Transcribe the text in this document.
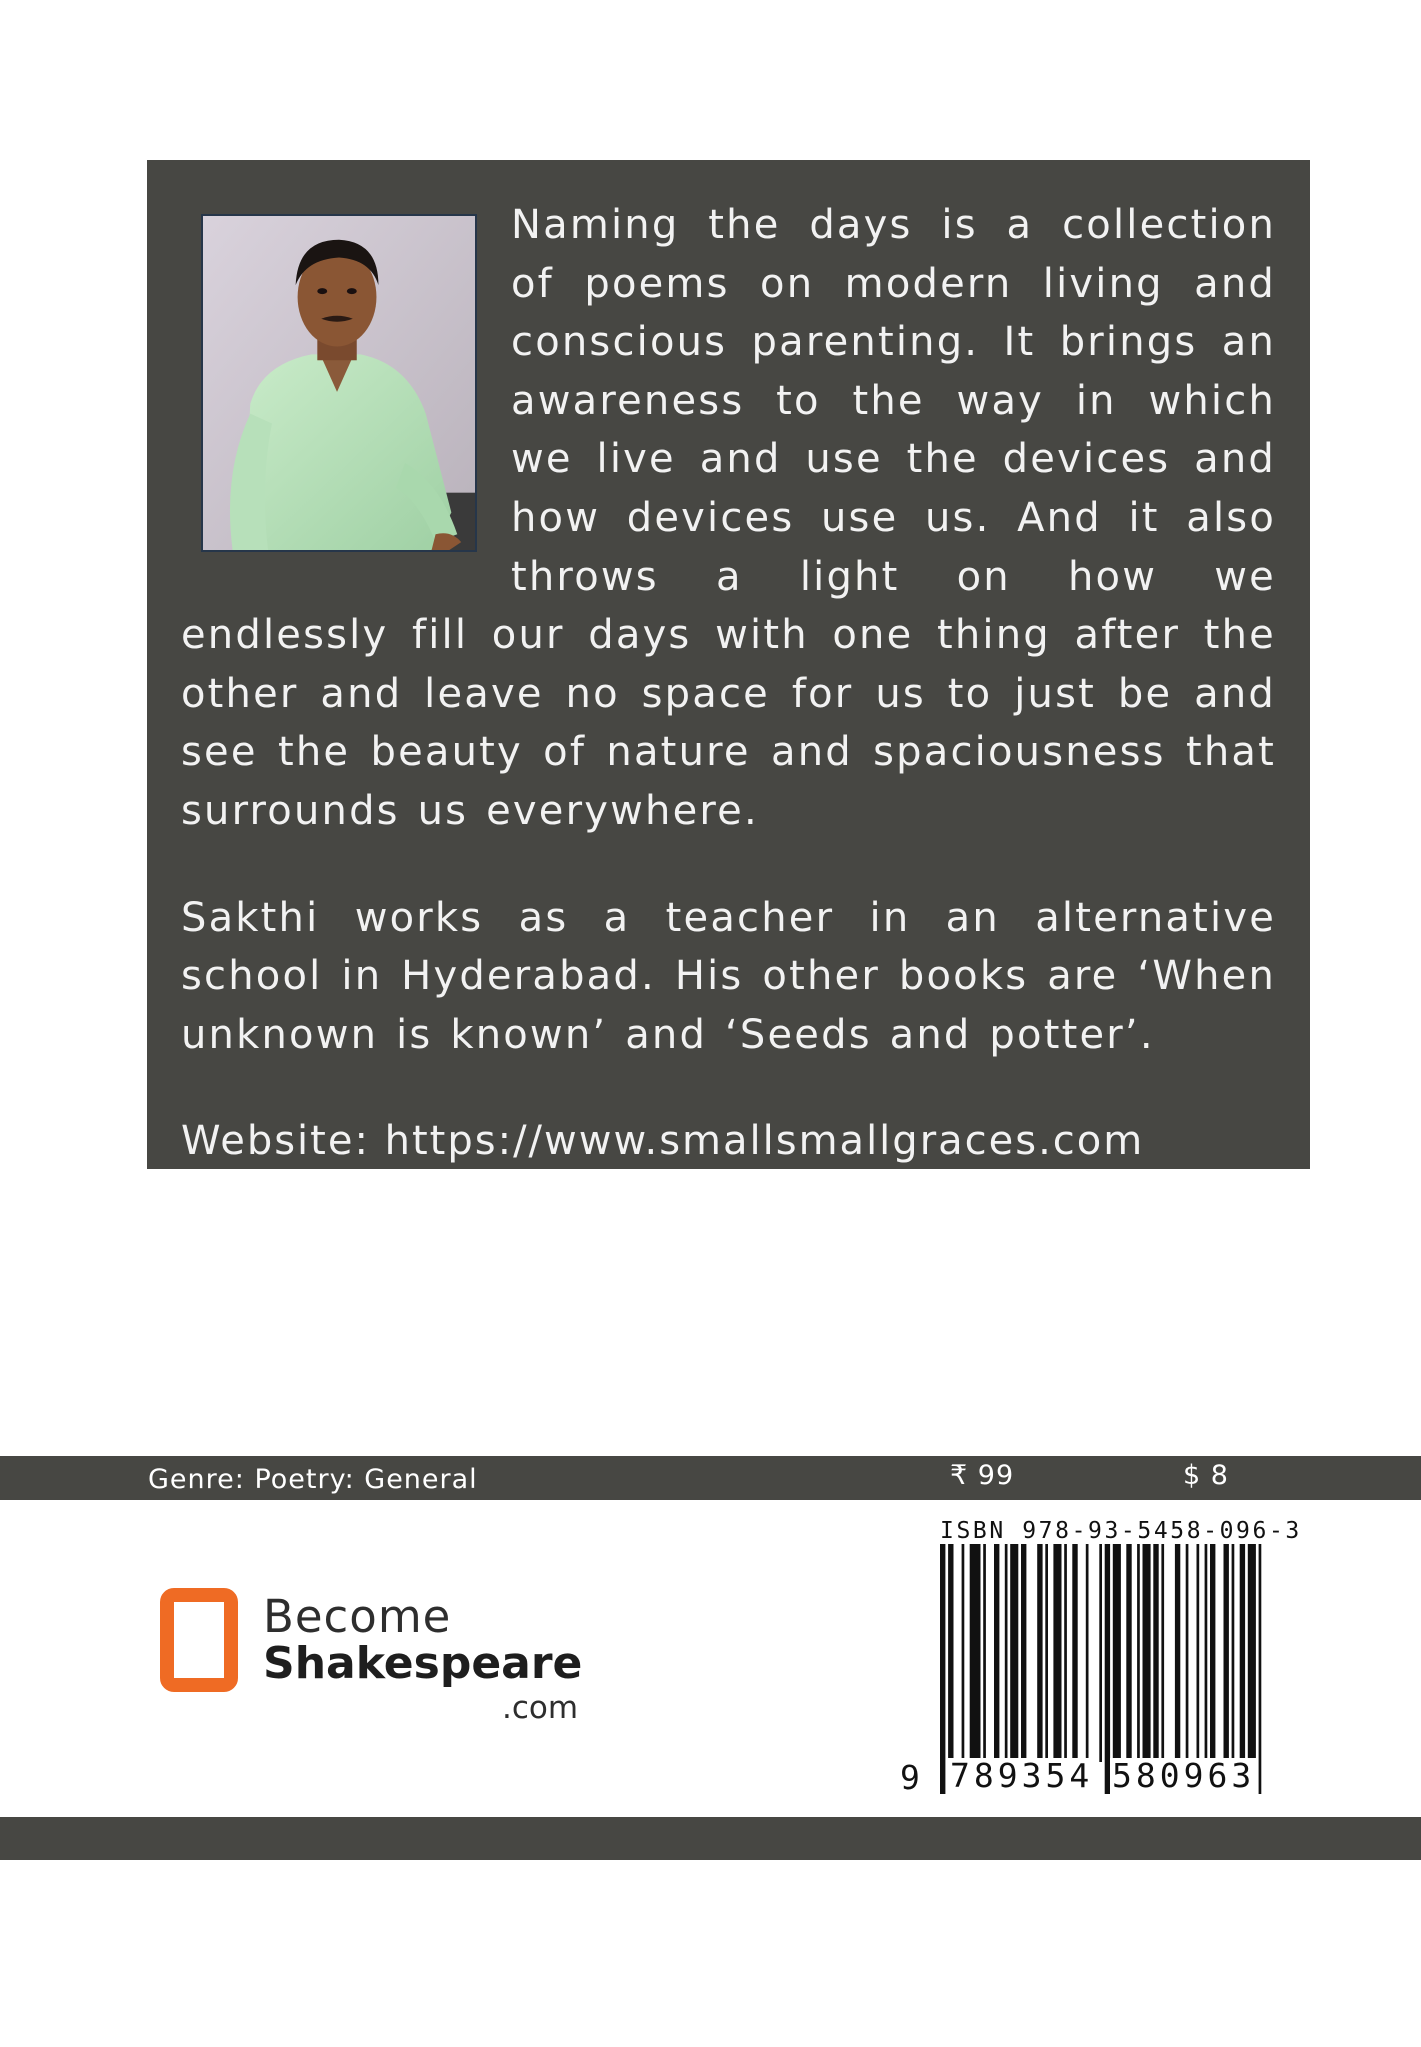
Naming the days is a collection of poems on modern living and conscious parenting. It brings an awareness to the way in which we live and use the devices and how devices use us. And it also throws a light on how we endlessly fill our days with one thing after the other and leave no space for us to just be and see the beauty of nature and spaciousness that surrounds us everywhere.

Sakthi works as a teacher in an alternative school in Hyderabad. His other books are ‘When unknown is known’ and ‘Seeds and potter’.

Website: https://www.smallsmallgraces.com

Genre: Poetry: General	₹ 99	$ 8
Become
Shakespeare
.com
ISBN 978-93-5458-096-3
9 789354 580963
